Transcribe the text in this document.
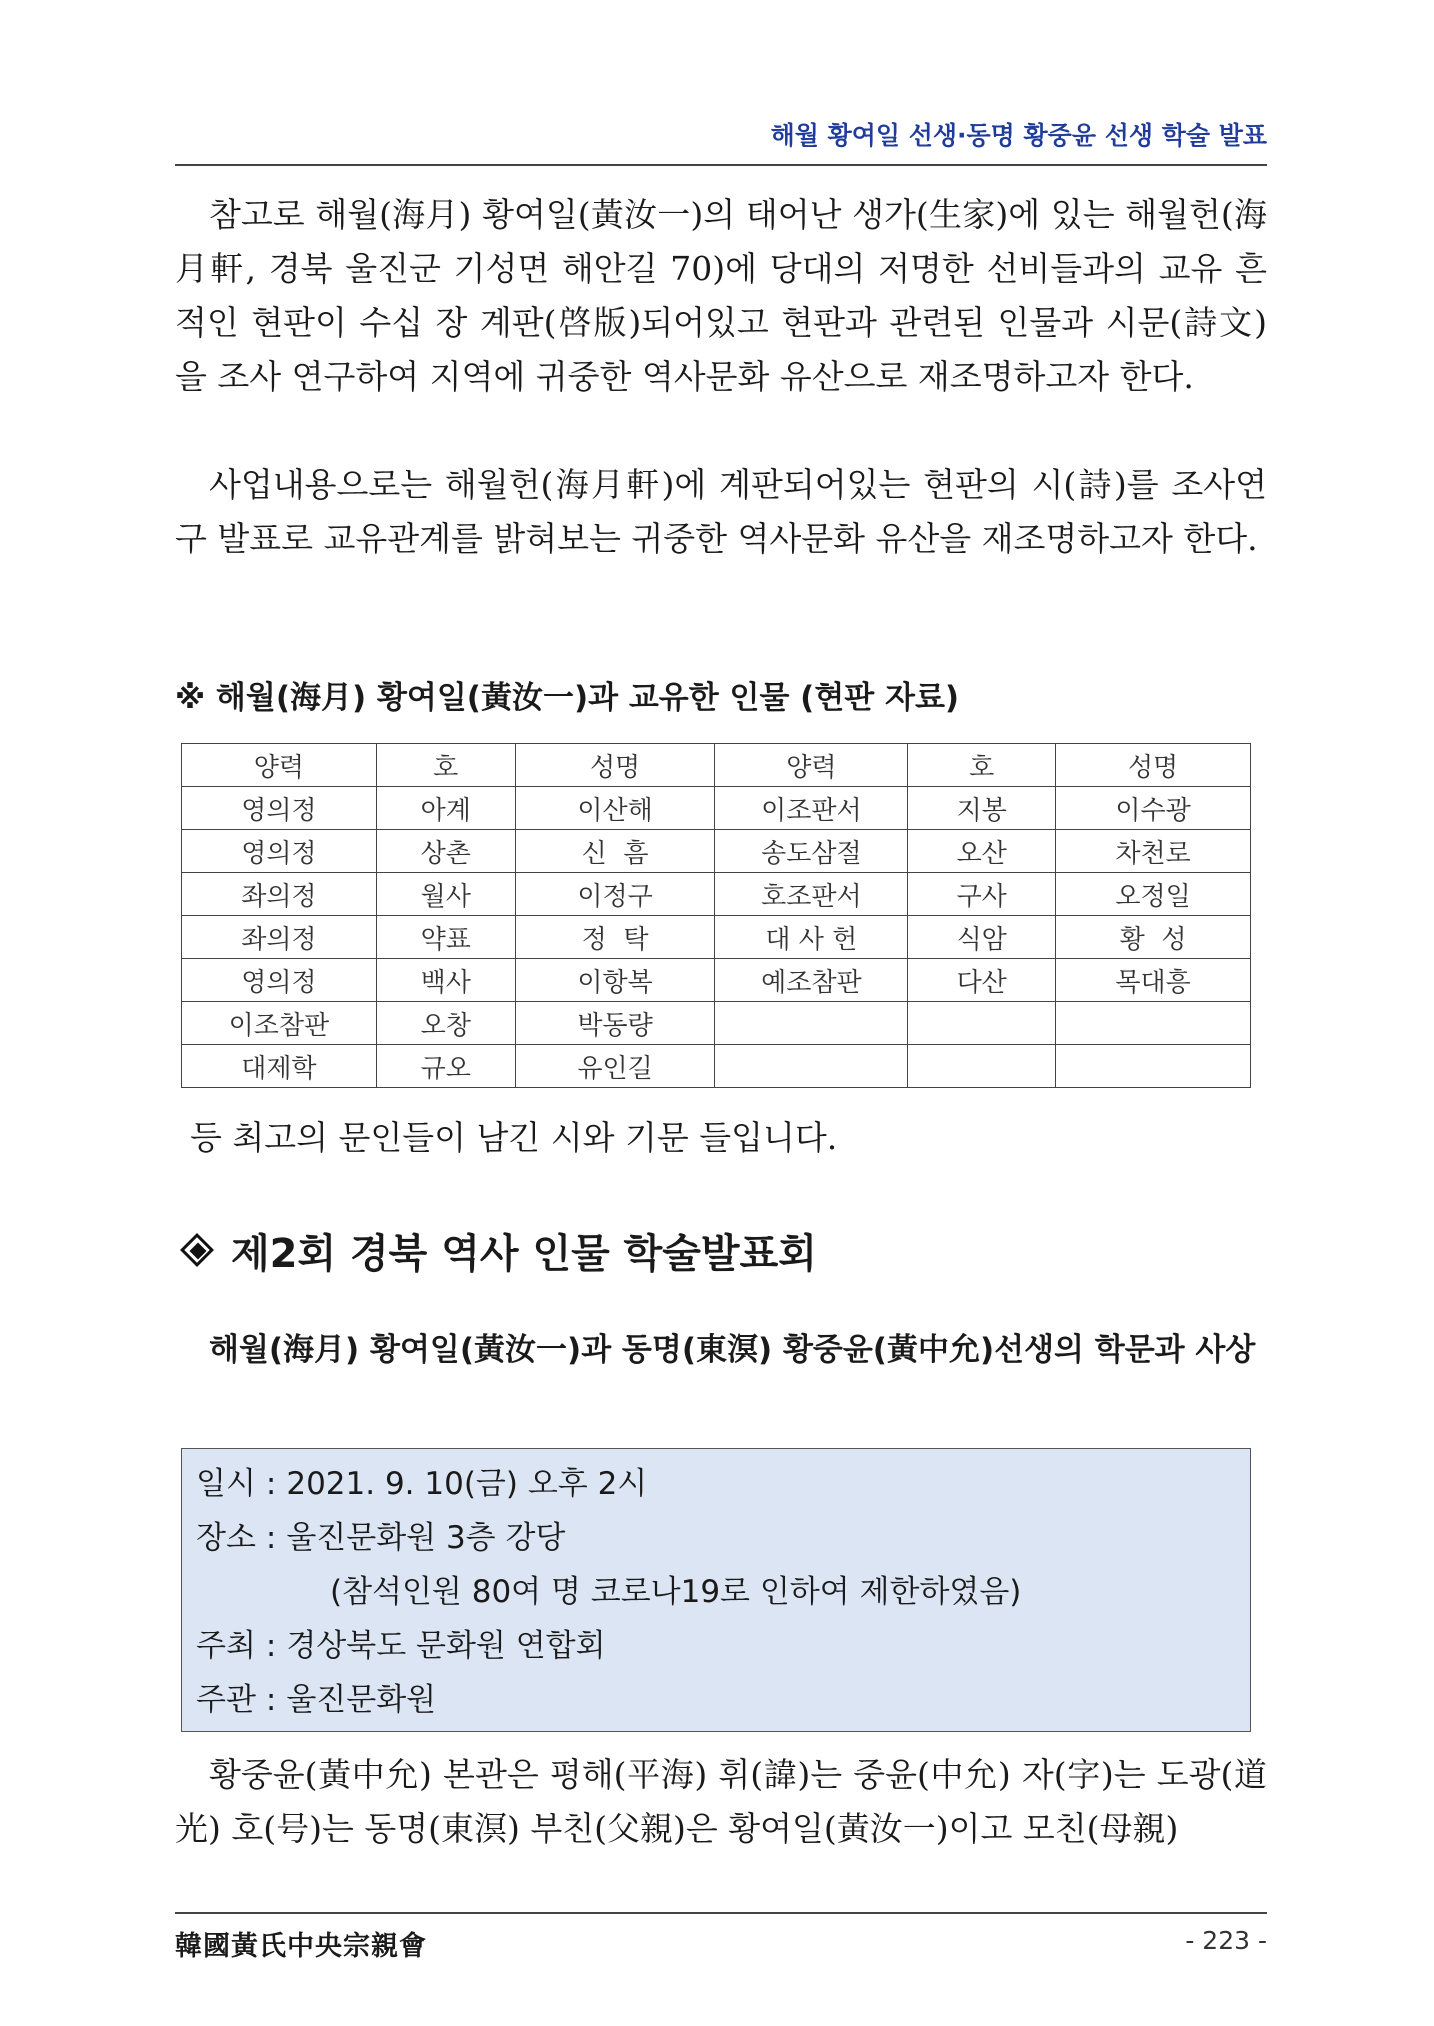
해월 황여일 선생·동명 황중윤 선생 학술 발표

참고로 해월(海月) 황여일(黃汝一)의 태어난 생가(生家)에 있는 해월헌(海月軒, 경북 울진군 기성면 해안길 70)에 당대의 저명한 선비들과의 교유 흔적인 현판이 수십 장 계판(啓版)되어있고 현판과 관련된 인물과 시문(詩文)을 조사 연구하여 지역에 귀중한 역사문화 유산으로 재조명하고자 한다.

사업내용으로는 해월헌(海月軒)에 계판되어있는 현판의 시(詩)를 조사연구 발표로 교유관계를 밝혀보는 귀중한 역사문화 유산을 재조명하고자 한다.

※ 해월(海月) 황여일(黃汝一)과 교유한 인물 (현판 자료)
양력	호	성명	양력	호	성명
영의정	아계	이산해	이조판서	지봉	이수광
영의정	상촌	신  흠	송도삼절	오산	차천로
좌의정	월사	이정구	호조판서	구사	오정일
좌의정	약표	정  탁	대 사 헌	식암	황  성
영의정	백사	이항복	예조참판	다산	목대흥
이조참판	오창	박동량			
대제학	규오	유인길			
등 최고의 문인들이 남긴 시와 기문 들입니다.
제2회 경북 역사 인물 학술발표회

해월(海月) 황여일(黃汝一)과 동명(東溟) 황중윤(黃中允)선생의 학문과 사상

일시 : 2021. 9. 10(금) 오후 2시
장소 : 울진문화원 3층 강당
(참석인원 80여 명 코로나19로 인하여 제한하였음)
주최 : 경상북도 문화원 연합회
주관 : 울진문화원

황중윤(黃中允) 본관은 평해(平海) 휘(諱)는 중윤(中允) 자(字)는 도광(道光) 호(号)는 동명(東溟) 부친(父親)은 황여일(黃汝一)이고 모친(母親)

韓國黃氏中央宗親會	- 223 -
